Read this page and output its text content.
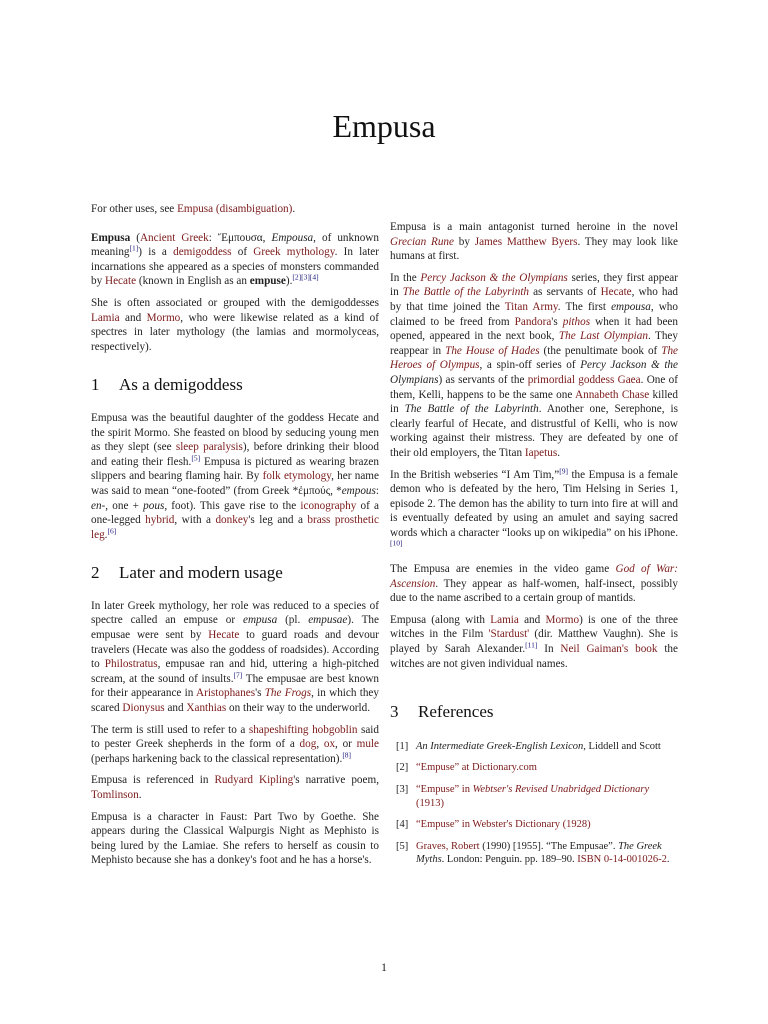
Empusa

For other uses, see Empusa (disambiguation).

Empusa (Ancient Greek: Ἔμπουσα, Empousa, of unknown meaning[1]) is a demigoddess of Greek mythology. In later incarnations she appeared as a species of monsters commanded by Hecate (known in English as an empuse).[2][3][4]

She is often associated or grouped with the demigoddesses Lamia and Mormo, who were likewise related as a kind of spectres in later mythology (the lamias and mormolyceas, respectively).

1 As a demigoddess

Empusa was the beautiful daughter of the goddess Hecate and the spirit Mormo. She feasted on blood by seducing young men as they slept (see sleep paralysis), before drinking their blood and eating their flesh.[5] Empusa is pictured as wearing brazen slippers and bearing flaming hair. By folk etymology, her name was said to mean “one-footed” (from Greek *ἐμπούς, *empous: en-, one + pous, foot). This gave rise to the iconography of a one-legged hybrid, with a donkey's leg and a brass prosthetic leg.[6]

2 Later and modern usage

In later Greek mythology, her role was reduced to a species of spectre called an empuse or empusa (pl. empusae). The empusae were sent by Hecate to guard roads and devour travelers (Hecate was also the goddess of roadsides). According to Philostratus, empusae ran and hid, uttering a high-pitched scream, at the sound of insults.[7] The empusae are best known for their appearance in Aristophanes's The Frogs, in which they scared Dionysus and Xanthias on their way to the underworld.

The term is still used to refer to a shapeshifting hobgoblin said to pester Greek shepherds in the form of a dog, ox, or mule (perhaps harkening back to the classical representation).[8]

Empusa is referenced in Rudyard Kipling's narrative poem, Tomlinson.

Empusa is a character in Faust: Part Two by Goethe. She appears during the Classical Walpurgis Night as Mephisto is being lured by the Lamiae. She refers to herself as cousin to Mephisto because she has a donkey's foot and he has a horse's.

Empusa is a main antagonist turned heroine in the novel Grecian Rune by James Matthew Byers. They may look like humans at first.

In the Percy Jackson & the Olympians series, they first appear in The Battle of the Labyrinth as servants of Hecate, who had by that time joined the Titan Army. The first empousa, who claimed to be freed from Pandora's pithos when it had been opened, appeared in the next book, The Last Olympian. They reappear in The House of Hades (the penultimate book of The Heroes of Olympus, a spin-off series of Percy Jackson & the Olympians) as servants of the primordial goddess Gaea. One of them, Kelli, happens to be the same one Annabeth Chase killed in The Battle of the Labyrinth. Another one, Serephone, is clearly fearful of Hecate, and distrustful of Kelli, who is now working against their mistress. They are defeated by one of their old employers, the Titan Iapetus.

In the British webseries “I Am Tim,”[9] the Empusa is a female demon who is defeated by the hero, Tim Helsing in Series 1, episode 2. The demon has the ability to turn into fire at will and is eventually defeated by using an amulet and saying sacred words which a character “looks up on wikipedia” on his iPhone.[10]

The Empusa are enemies in the video game God of War: Ascension. They appear as half-women, half-insect, possibly due to the name ascribed to a certain group of mantids.

Empusa (along with Lamia and Mormo) is one of the three witches in the Film 'Stardust' (dir. Matthew Vaughn). She is played by Sarah Alexander.[11] In Neil Gaiman's book the witches are not given individual names.

3 References
[1] An Intermediate Greek-English Lexicon, Liddell and Scott
[2] “Empuse” at Dictionary.com
[3] “Empuse” in Webtser's Revised Unabridged Dictionary (1913)
[4] “Empuse” in Webster's Dictionary (1928)
[5] Graves, Robert (1990) [1955]. “The Empusae”. The Greek Myths. London: Penguin. pp. 189–90. ISBN 0-14-001026-2.
1
